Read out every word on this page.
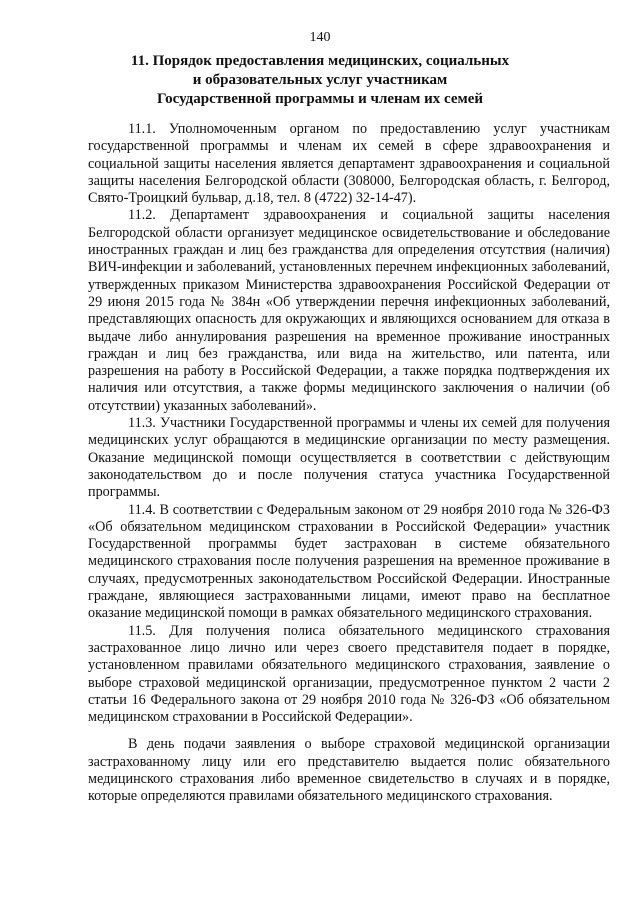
140
11. Порядок предоставления медицинских, социальных
и образовательных услуг участникам
Государственной программы и членам их семей

11.1. Уполномоченным органом по предоставлению услуг участникам государственной программы и членам их семей в сфере здравоохранения и социальной защиты населения является департамент здравоохранения и социальной защиты населения Белгородской области (308000, Белгородская область, г. Белгород, Свято-Троицкий бульвар, д.18, тел. 8 (4722) 32-14-47).

11.2. Департамент здравоохранения и социальной защиты населения Белгородской области организует медицинское освидетельствование и обследование иностранных граждан и лиц без гражданства для определения отсутствия (наличия) ВИЧ-инфекции и заболеваний, установленных перечнем инфекционных заболеваний, утвержденных приказом Министерства здравоохранения Российской Федерации от 29 июня 2015 года № 384н «Об утверждении перечня инфекционных заболеваний, представляющих опасность для окружающих и являющихся основанием для отказа в выдаче либо аннулирования разрешения на временное проживание иностранных граждан и лиц без гражданства, или вида на жительство, или патента, или разрешения на работу в Российской Федерации, а также порядка подтверждения их наличия или отсутствия, а также формы медицинского заключения о наличии (об отсутствии) указанных заболеваний».

11.3. Участники Государственной программы и члены их семей для получения медицинских услуг обращаются в медицинские организации по месту размещения. Оказание медицинской помощи осуществляется в соответствии с действующим законодательством до и после получения статуса участника Государственной программы.

11.4. В соответствии с Федеральным законом от 29 ноября 2010 года № 326-ФЗ «Об обязательном медицинском страховании в Российской Федерации» участник Государственной программы будет застрахован в системе обязательного медицинского страхования после получения разрешения на временное проживание в случаях, предусмотренных законодательством Российской Федерации. Иностранные граждане, являющиеся застрахованными лицами, имеют право на бесплатное оказание медицинской помощи в рамках обязательного медицинского страхования.

11.5. Для получения полиса обязательного медицинского страхования застрахованное лицо лично или через своего представителя подает в порядке, установленном правилами обязательного медицинского страхования, заявление о выборе страховой медицинской организации, предусмотренное пунктом 2 части 2 статьи 16 Федерального закона от 29 ноября 2010 года № 326-ФЗ «Об обязательном медицинском страховании в Российской Федерации».

В день подачи заявления о выборе страховой медицинской организации застрахованному лицу или его представителю выдается полис обязательного медицинского страхования либо временное свидетельство в случаях и в порядке, которые определяются правилами обязательного медицинского страхования.
